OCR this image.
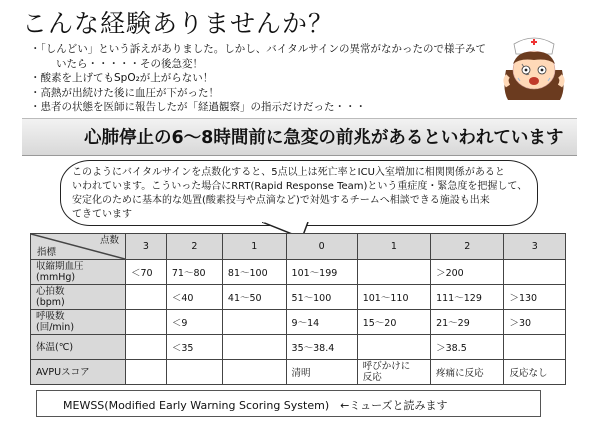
こんな経験ありませんか？
・「しんどい」という訴えがありました。しかし、バイタルサインの異常がなかったので様子みて
いたら・・・・・その後急変！
・酸素を上げてもSpO₂が上がらない！
・高熱が出続けた後に血圧が下がった！
・患者の状態を医師に報告したが「経過観察」の指示だけだった・・・
心肺停止の6～8時間前に急変の前兆があるといわれています

このようにバイタルサインを点数化すると、5点以上は死亡率とICU入室増加に相関関係があると

いわれています。こういった場合にRRT(Rapid Response Team)という重症度・緊急度を把握して、

安定化のために基本的な処置(酸素投与や点滴など)で対処するチームへ相談できる施設も出来

てきています

点数
指標	3	2	1	0	1	2	3

収縮期血圧
(mmHg)	＜70	71～80	81～100	101～199		＞200	

心拍数
(bpm)		＜40	41～50	51～100	101～110	111～129	＞130

呼吸数
(回/min)		＜9		9～14	15～20	21～29	＞30

体温(℃)		＜35		35～38.4		＞38.5	

AVPUスコア				清明	呼びかけに
反応	疼痛に反応	反応なし
MEWSS(Modified Early Warning Scoring System)　←ミューズと読みます
